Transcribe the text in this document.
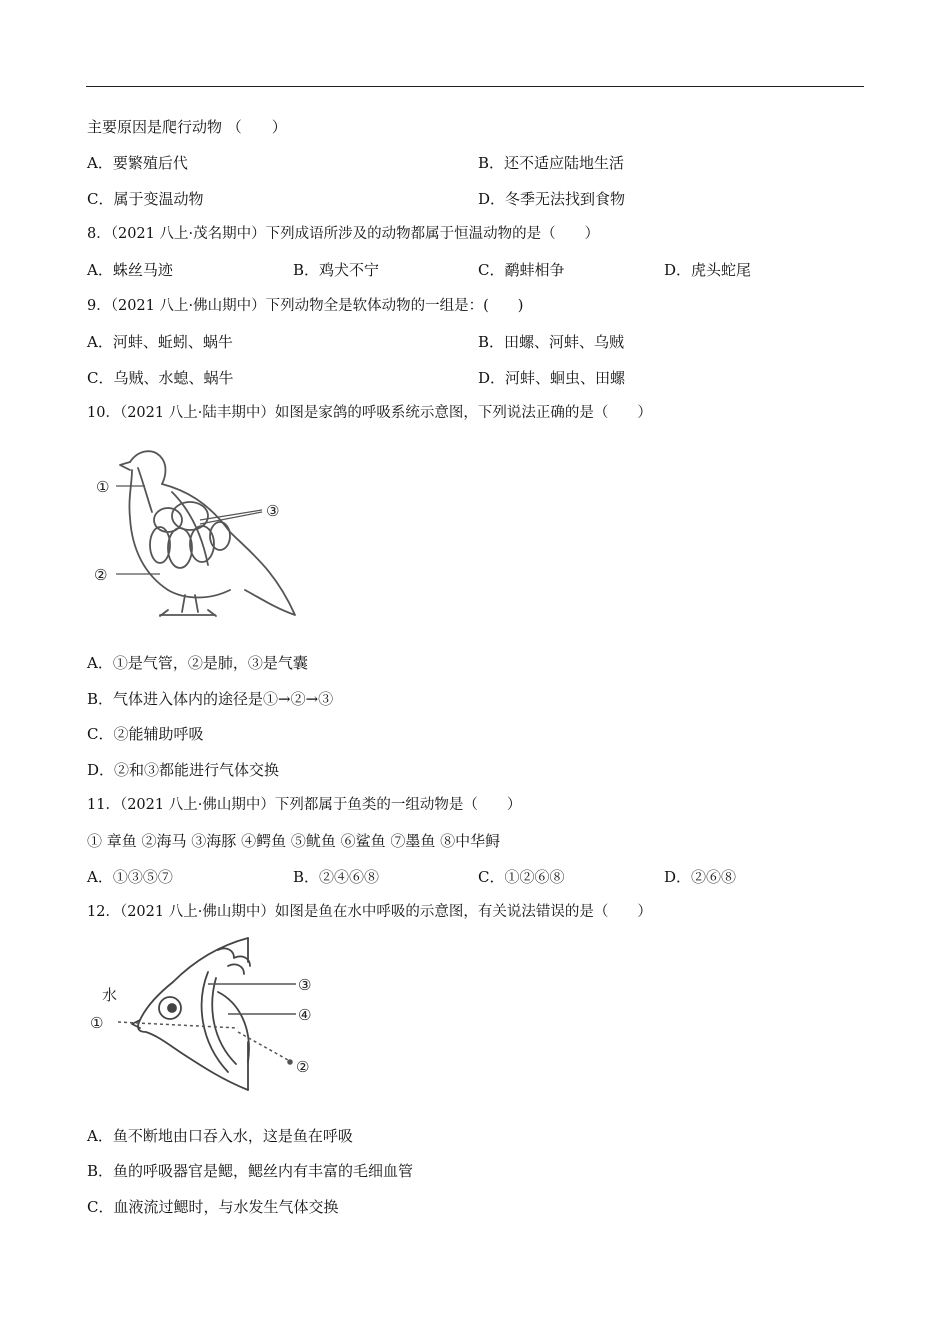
主要原因是爬行动物 （　　）
A．要繁殖后代	B．还不适应陆地生活
C．属于变温动物	D．冬季无法找到食物
8．（2021 八上·茂名期中）下列成语所涉及的动物都属于恒温动物的是（　　）
A．蛛丝马迹	B．鸡犬不宁	C．鹬蚌相争	D．虎头蛇尾
9．（2021 八上·佛山期中）下列动物全是软体动物的一组是：(　　)
A．河蚌、蚯蚓、蜗牛	B．田螺、河蚌、乌贼
C．乌贼、水螅、蜗牛	D．河蚌、蛔虫、田螺
10．（2021 八上·陆丰期中）如图是家鸽的呼吸系统示意图，下列说法正确的是（　　）
①
②
③
A．①是气管，②是肺，③是气囊
B．气体进入体内的途径是①→②→③
C．②能辅助呼吸
D．②和③都能进行气体交换
11．（2021 八上·佛山期中）下列都属于鱼类的一组动物是（　　）
① 章鱼 ②海马 ③海豚 ④鳄鱼 ⑤鱿鱼 ⑥鲨鱼 ⑦墨鱼 ⑧中华鲟
A．①③⑤⑦	B．②④⑥⑧	C．①②⑥⑧	D．②⑥⑧
12．（2021 八上·佛山期中）如图是鱼在水中呼吸的示意图，有关说法错误的是（　　）
水
①
②
③
④
A．鱼不断地由口吞入水，这是鱼在呼吸
B．鱼的呼吸器官是鳃，鳃丝内有丰富的毛细血管
C．血液流过鳃时，与水发生气体交换
